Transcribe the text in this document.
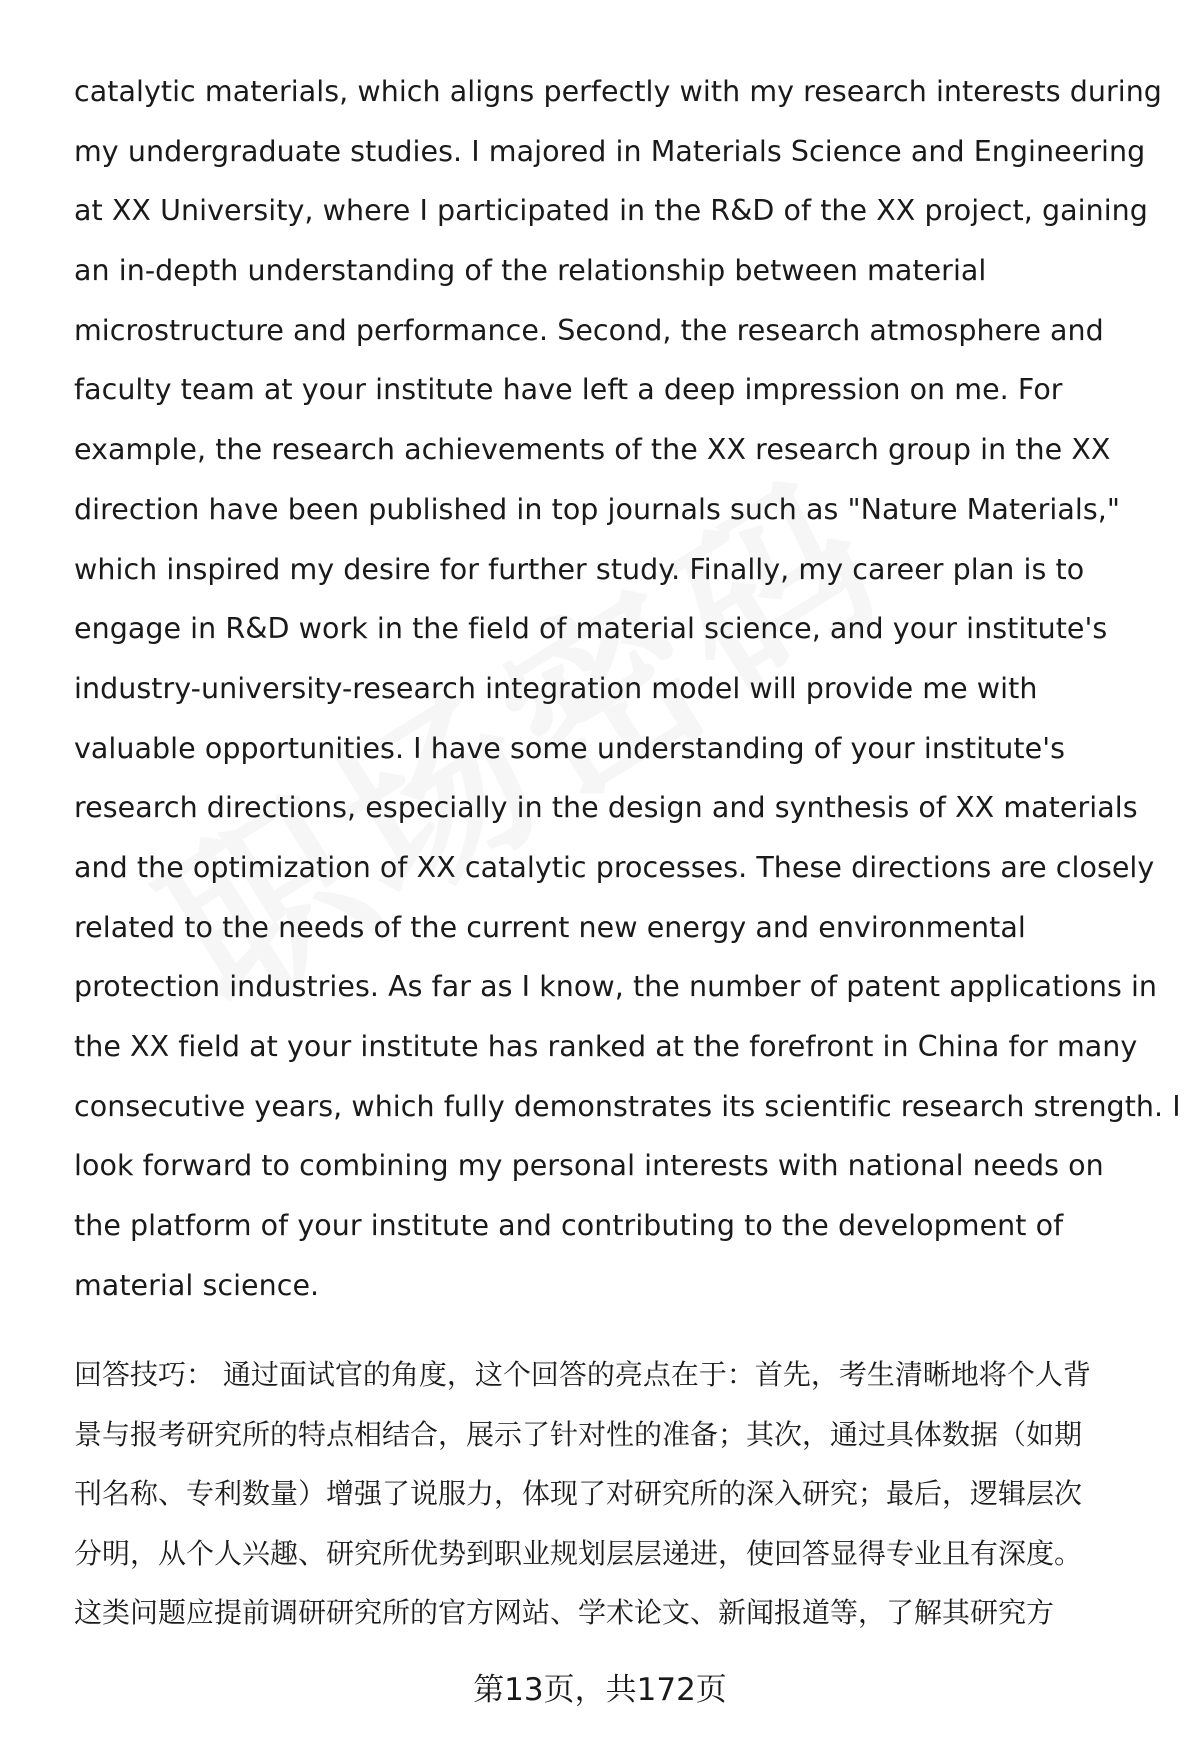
catalytic materials, which aligns perfectly with my research interests during
my undergraduate studies. I majored in Materials Science and Engineering
at XX University, where I participated in the R&D of the XX project, gaining
an in-depth understanding of the relationship between material
microstructure and performance. Second, the research atmosphere and
faculty team at your institute have left a deep impression on me. For
example, the research achievements of the XX research group in the XX
direction have been published in top journals such as "Nature Materials,"
which inspired my desire for further study. Finally, my career plan is to
engage in R&D work in the field of material science, and your institute's
industry-university-research integration model will provide me with
valuable opportunities. I have some understanding of your institute's
research directions, especially in the design and synthesis of XX materials
and the optimization of XX catalytic processes. These directions are closely
related to the needs of the current new energy and environmental
protection industries. As far as I know, the number of patent applications in
the XX field at your institute has ranked at the forefront in China for many
consecutive years, which fully demonstrates its scientific research strength. I
look forward to combining my personal interests with national needs on
the platform of your institute and contributing to the development of
material science.
回答技巧： 通过面试官的角度，这个回答的亮点在于：首先，考生清晰地将个人背
景与报考研究所的特点相结合，展示了针对性的准备；其次，通过具体数据（如期
刊名称、专利数量）增强了说服力，体现了对研究所的深入研究；最后，逻辑层次
分明，从个人兴趣、研究所优势到职业规划层层递进，使回答显得专业且有深度。
这类问题应提前调研研究所的官方网站、学术论文、新闻报道等，了解其研究方
第13页，共172页
